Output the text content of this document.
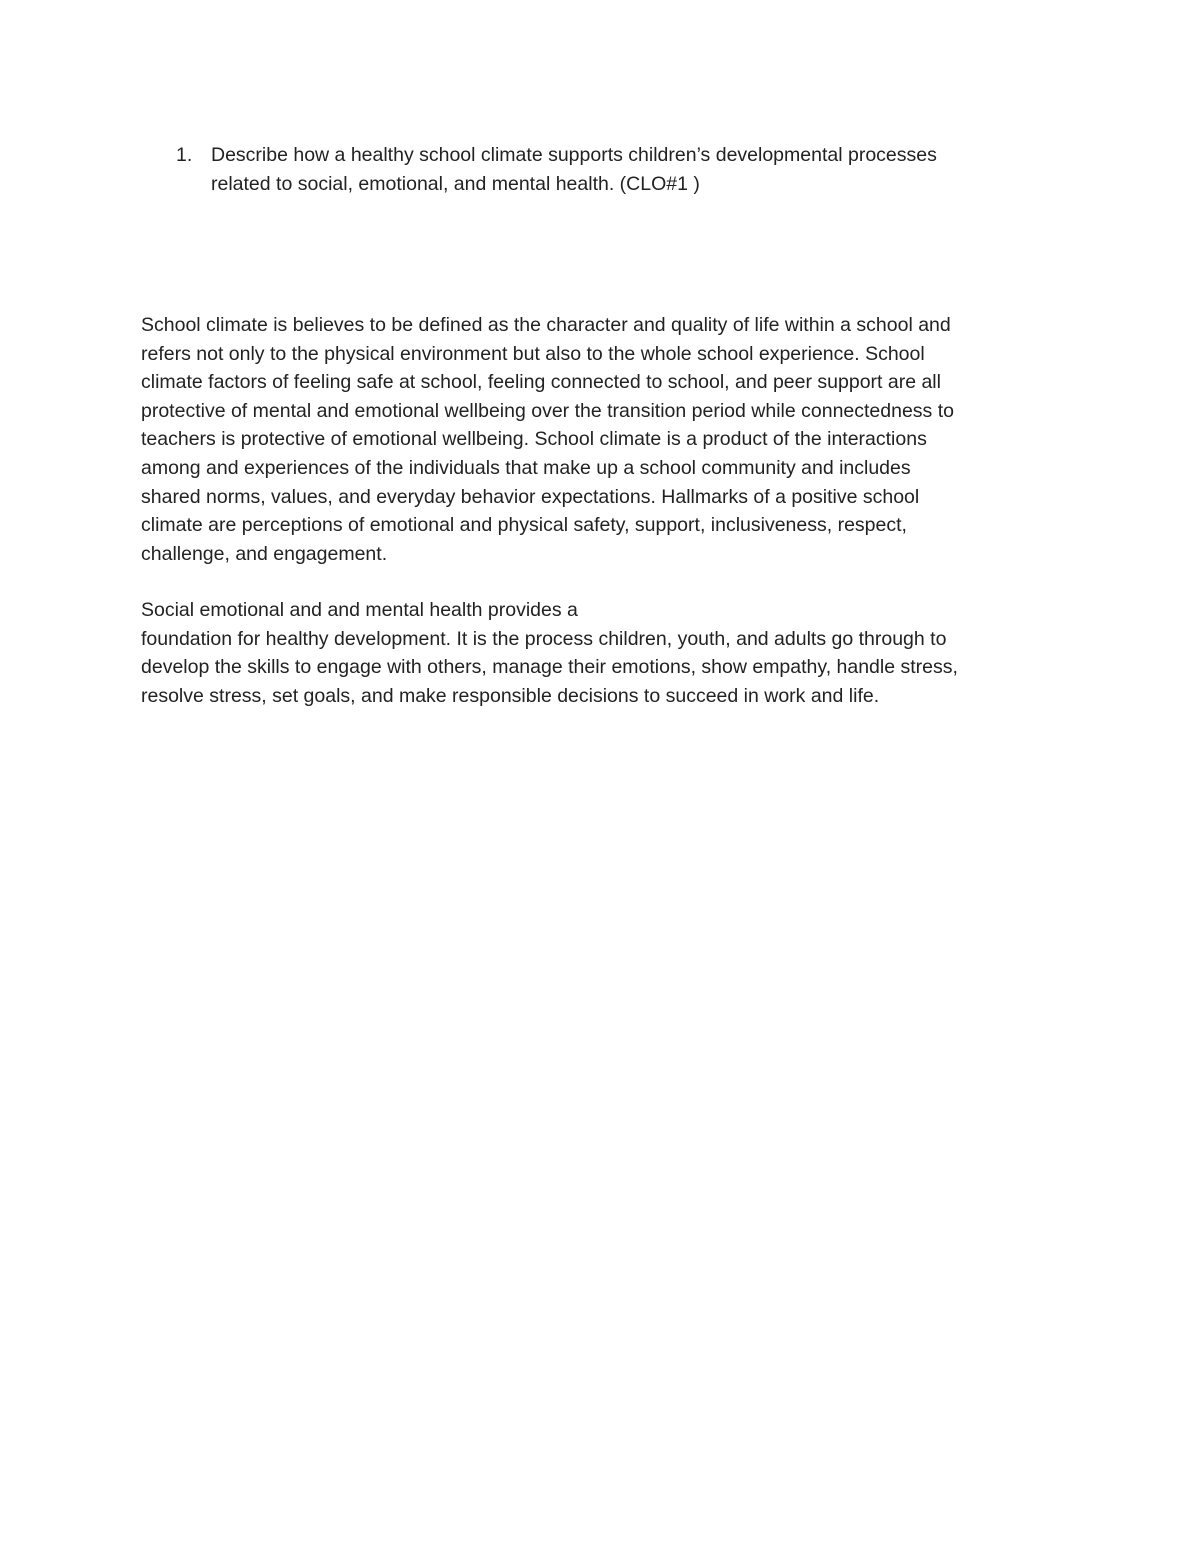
1. Describe how a healthy school climate supports children’s developmental processes
related to social, emotional, and mental health. (CLO#1 )
School climate is believes to be defined as the character and quality of life within a school and
refers not only to the physical environment but also to the whole school experience. School
climate factors of feeling safe at school, feeling connected to school, and peer support are all
protective of mental and emotional wellbeing over the transition period while connectedness to
teachers is protective of emotional wellbeing. School climate is a product of the interactions
among and experiences of the individuals that make up a school community and includes
shared norms, values, and everyday behavior expectations. Hallmarks of a positive school
climate are perceptions of emotional and physical safety, support, inclusiveness, respect,
challenge, and engagement.
Social emotional and and mental health provides a
foundation for healthy development. It is the process children, youth, and adults go through to
develop the skills to engage with others, manage their emotions, show empathy, handle stress,
resolve stress, set goals, and make responsible decisions to succeed in work and life.
